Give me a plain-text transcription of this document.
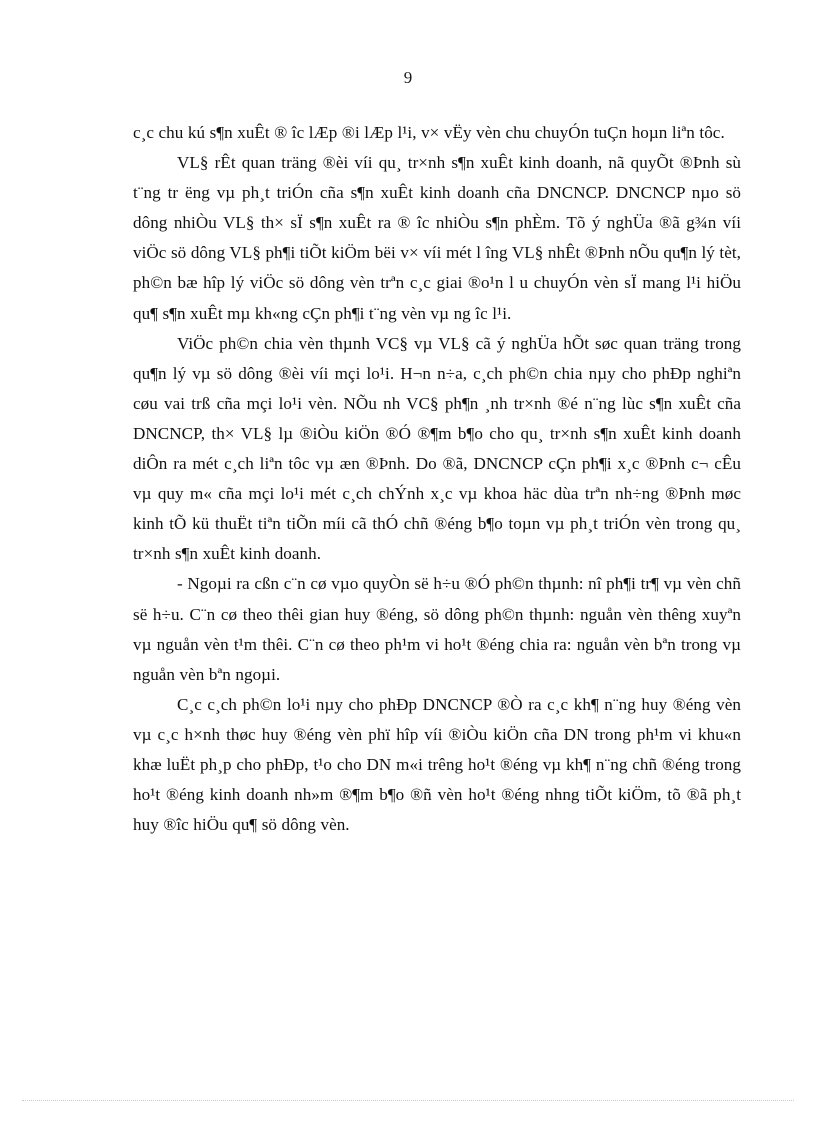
9

c¸c chu kú s¶n xuÊt ® îc lÆp ®i lÆp l¹i, v× vËy vèn chu chuyÓn tuÇn hoµn liªn tôc.

VL§ rÊt quan träng ®èi víi qu¸ tr×nh s¶n xuÊt kinh doanh, nã quyÕt ®Þnh sù t¨ng tr ëng vµ ph¸t triÓn cña s¶n xuÊt kinh doanh cña DNCNCP. DNCNCP nµo sö dông nhiÒu VL§ th× sÏ s¶n xuÊt ra ® îc nhiÒu s¶n phÈm. Tõ ý nghÜa ®ã g¾n víi viÖc sö dông VL§ ph¶i tiÕt kiÖm bëi v× víi mét l îng VL§ nhÊt ®Þnh nÕu qu¶n lý tèt, ph©n bæ hîp lý viÖc sö dông vèn trªn c¸c giai ®o¹n l u chuyÓn vèn sÏ mang l¹i hiÖu qu¶ s¶n xuÊt mµ kh«ng cÇn ph¶i t¨ng vèn vµ ng îc l¹i.

ViÖc ph©n chia vèn thµnh VC§ vµ VL§ cã ý nghÜa hÕt søc quan träng trong qu¶n lý vµ sö dông ®èi víi mçi lo¹i. H¬n n÷a, c¸ch ph©n chia nµy cho phÐp nghiªn cøu vai trß cña mçi lo¹i vèn. NÕu nh VC§ ph¶n ¸nh tr×nh ®é n¨ng lùc s¶n xuÊt cña DNCNCP, th× VL§ lµ ®iÒu kiÖn ®Ó ®¶m b¶o cho qu¸ tr×nh s¶n xuÊt kinh doanh diÔn ra mét c¸ch liªn tôc vµ æn ®Þnh. Do ®ã, DNCNCP cÇn ph¶i x¸c ®Þnh c¬ cÊu vµ quy m« cña mçi lo¹i mét c¸ch chÝnh x¸c vµ khoa häc dùa trªn nh÷ng ®Þnh møc kinh tÕ kü thuËt tiªn tiÕn míi cã thÓ chñ ®éng b¶o toµn vµ ph¸t triÓn vèn trong qu¸ tr×nh s¶n xuÊt kinh doanh.

- Ngoµi ra cßn c¨n cø vµo quyÒn së h÷u ®Ó ph©n thµnh: nî ph¶i tr¶ vµ vèn chñ së h÷u. C¨n cø theo thêi gian huy ®éng, sö dông ph©n thµnh: nguån vèn thêng xuyªn vµ nguån vèn t¹m thêi. C¨n cø theo ph¹m vi ho¹t ®éng chia ra: nguån vèn bªn trong vµ nguån vèn bªn ngoµi.

C¸c c¸ch ph©n lo¹i nµy cho phÐp DNCNCP ®Ò ra c¸c kh¶ n¨ng huy ®éng vèn vµ c¸c h×nh thøc huy ®éng vèn phï hîp víi ®iÒu kiÖn cña DN trong ph¹m vi khu«n khæ luËt ph¸p cho phÐp, t¹o cho DN m«i trêng ho¹t ®éng vµ kh¶ n¨ng chñ ®éng trong ho¹t ®éng kinh doanh nh»m ®¶m b¶o ®ñ vèn ho¹t ®éng nhng tiÕt kiÖm, tõ ®ã ph¸t huy ®îc hiÖu qu¶ sö dông vèn.
